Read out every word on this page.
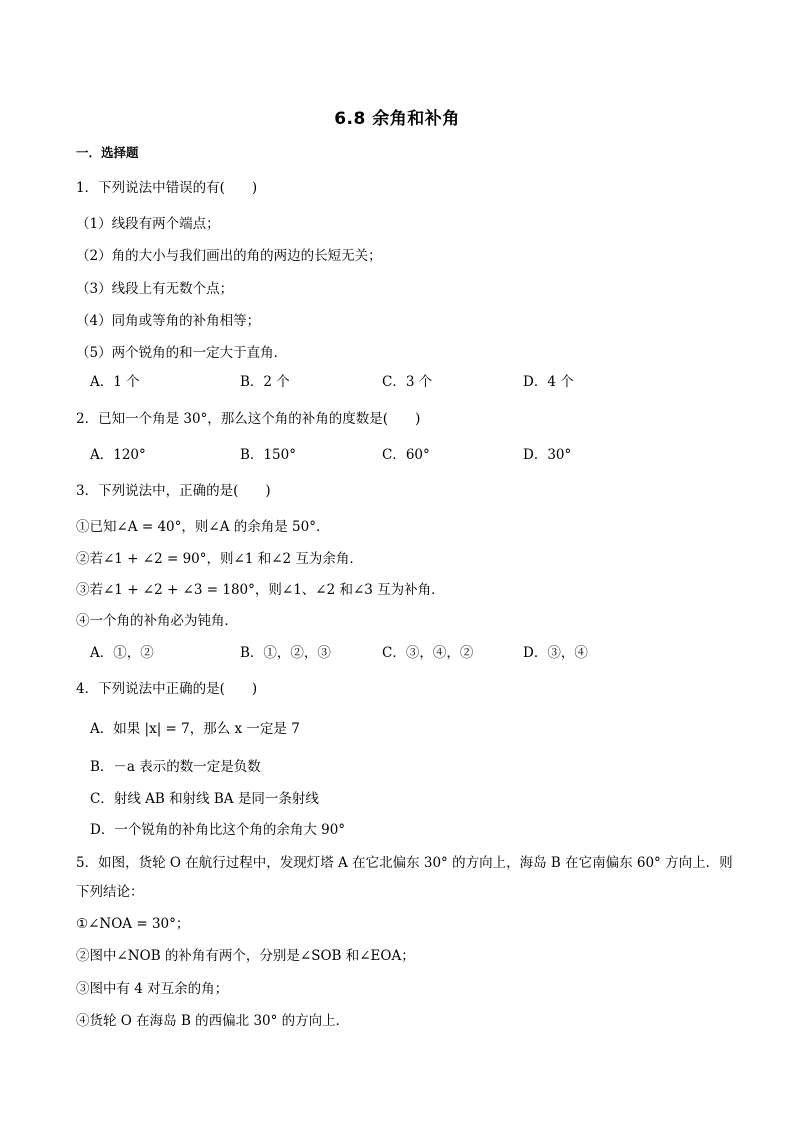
6.8 余角和补角
一．选择题
1．下列说法中错误的有(　　)
（1）线段有两个端点；
（2）角的大小与我们画出的角的两边的长短无关；
（3）线段上有无数个点；
（4）同角或等角的补角相等；
（5）两个锐角的和一定大于直角．
A．1 个	B．2 个	C．3 个	D．4 个
2．已知一个角是 30°，那么这个角的补角的度数是(　　)
A．120°	B．150°	C．60°	D．30°
3．下列说法中，正确的是(　　)
①已知∠A = 40°，则∠A 的余角是 50°．
②若∠1 + ∠2 = 90°，则∠1 和∠2 互为余角．
③若∠1 + ∠2 + ∠3 = 180°，则∠1、∠2 和∠3 互为补角．
④一个角的补角必为钝角．
A．①，②	B．①，②，③	C．③，④，②	D．③，④
4．下列说法中正确的是(　　)
A．如果 |x| = 7，那么 x 一定是 7
B．－a 表示的数一定是负数
C．射线 AB 和射线 BA 是同一条射线
D．一个锐角的补角比这个角的余角大 90°
5．如图，货轮 O 在航行过程中，发现灯塔 A 在它北偏东 30° 的方向上，海岛 B 在它南偏东 60° 方向上．则
下列结论：
①∠NOA = 30°；
②图中∠NOB 的补角有两个，分别是∠SOB 和∠EOA；
③图中有 4 对互余的角；
④货轮 O 在海岛 B 的西偏北 30° 的方向上．
